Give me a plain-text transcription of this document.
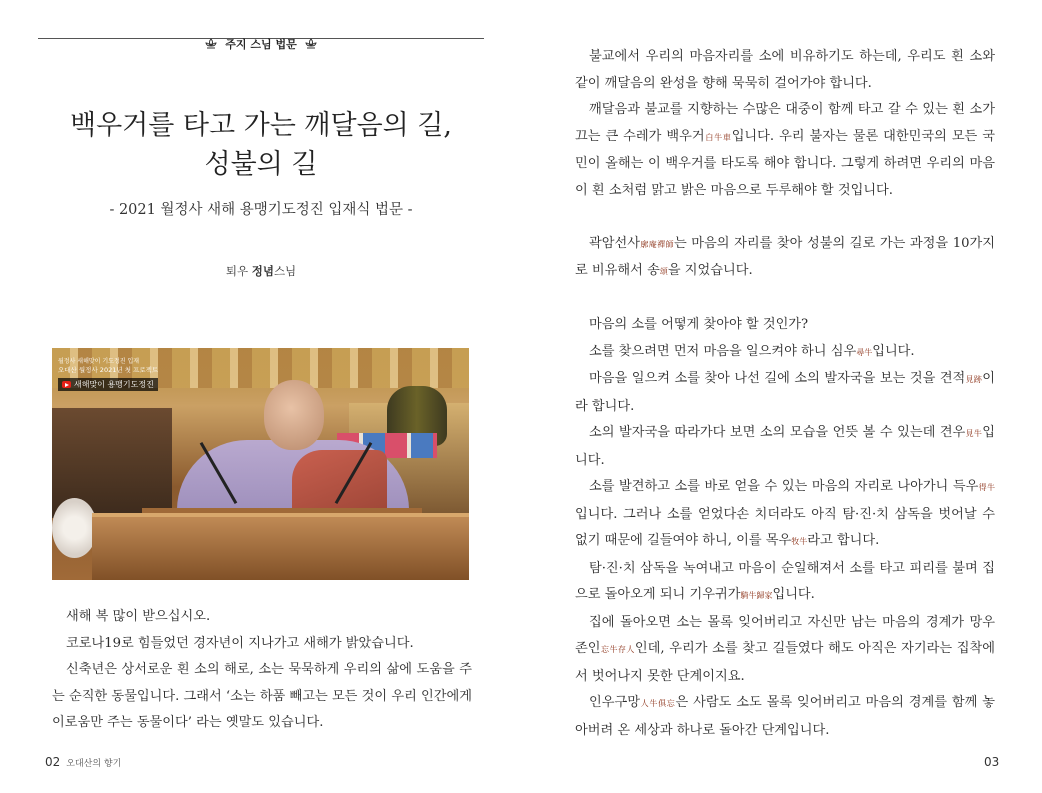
주지 스님 법문
백우거를 타고 가는 깨달음의 길,
성불의 길
- 2021 월정사 새해 용맹기도정진 입재식 법문 -
퇴우 정념스님
월정사 새해맞이 기도정진 입재
오대산 월정사 2021년 첫 프로젝트
새해맞이 용맹기도정진

새해 복 많이 받으십시오.

코로나19로 힘들었던 경자년이 지나가고 새해가 밝았습니다.

신축년은 상서로운 흰 소의 해로, 소는 묵묵하게 우리의 삶에 도움을 주는 순직한 동물입니다. 그래서 ‘소는 하품 빼고는 모든 것이 우리 인간에게 이로움만 주는 동물이다’ 라는 옛말도 있습니다.

02 오대산의 향기	03

불교에서 우리의 마음자리를 소에 비유하기도 하는데, 우리도 흰 소와 같이 깨달음의 완성을 향해 묵묵히 걸어가야 합니다.

깨달음과 불교를 지향하는 수많은 대중이 함께 타고 갈 수 있는 흰 소가 끄는 큰 수레가 백우거白牛車입니다. 우리 불자는 물론 대한민국의 모든 국민이 올해는 이 백우거를 타도록 해야 합니다. 그렇게 하려면 우리의 마음이 흰 소처럼 맑고 밝은 마음으로 두루해야 할 것입니다.

곽암선사廓庵禪師는 마음의 자리를 찾아 성불의 길로 가는 과정을 10가지로 비유해서 송頌을 지었습니다.

마음의 소를 어떻게 찾아야 할 것인가?

소를 찾으려면 먼저 마음을 일으켜야 하니 심우尋牛입니다.

마음을 일으켜 소를 찾아 나선 길에 소의 발자국을 보는 것을 견적見跡이라 합니다.

소의 발자국을 따라가다 보면 소의 모습을 언뜻 볼 수 있는데 견우見牛입니다.

소를 발견하고 소를 바로 얻을 수 있는 마음의 자리로 나아가니 득우得牛입니다. 그러나 소를 얻었다손 치더라도 아직 탐·진·치 삼독을 벗어날 수 없기 때문에 길들여야 하니, 이를 목우牧牛라고 합니다.

탐·진·치 삼독을 녹여내고 마음이 순일해져서 소를 타고 피리를 불며 집으로 돌아오게 되니 기우귀가騎牛歸家입니다.

집에 돌아오면 소는 몰록 잊어버리고 자신만 남는 마음의 경계가 망우존인忘牛存人인데, 우리가 소를 찾고 길들였다 해도 아직은 자기라는 집착에서 벗어나지 못한 단계이지요.

인우구망人牛俱忘은 사람도 소도 몰록 잊어버리고 마음의 경계를 함께 놓아버려 온 세상과 하나로 돌아간 단계입니다.
